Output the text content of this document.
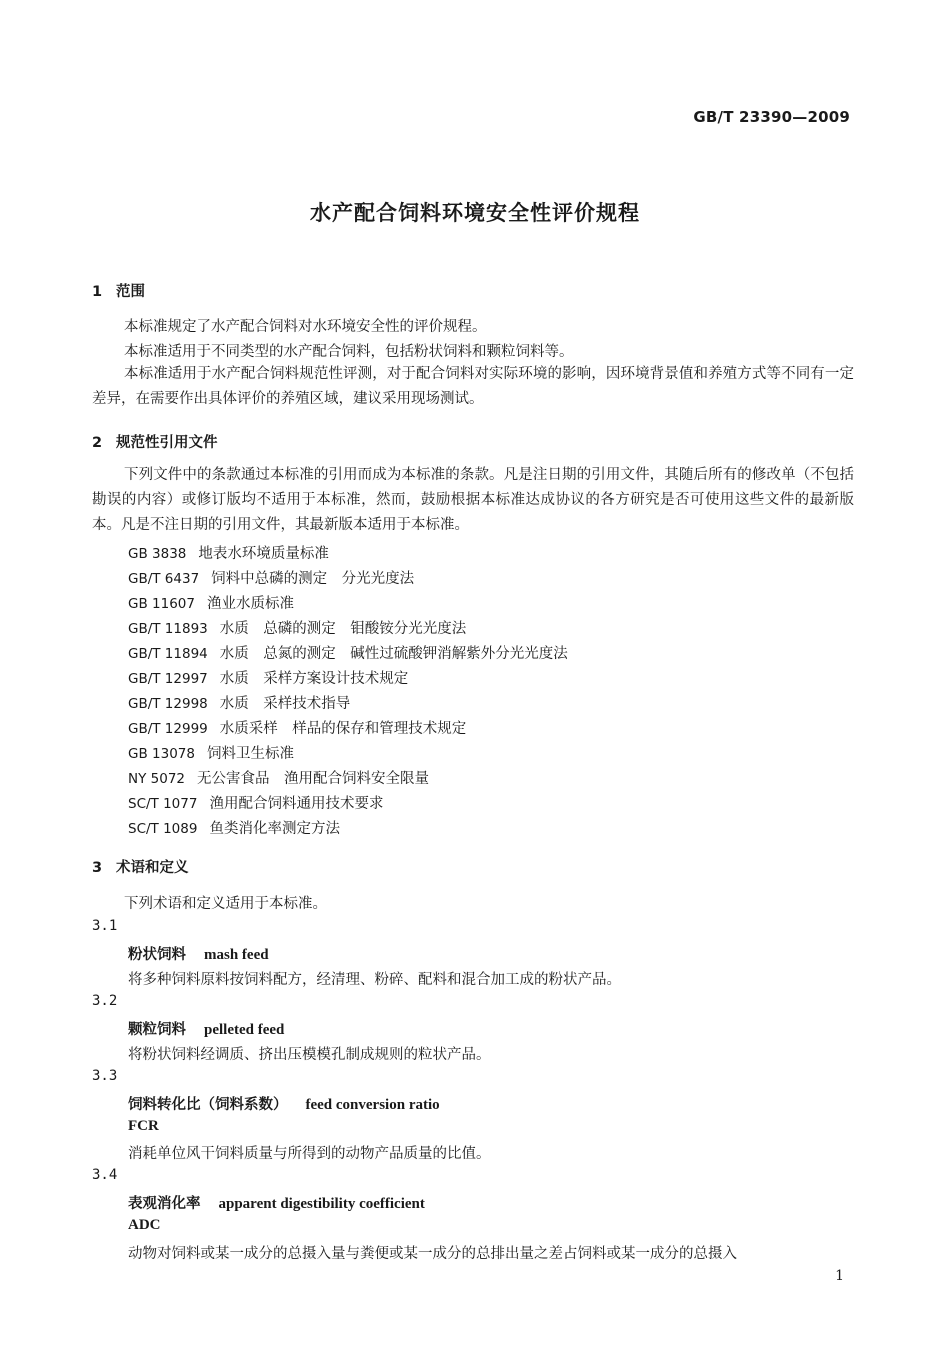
GB/T 23390—2009
水产配合饲料环境安全性评价规程
1 范围
本标准规定了水产配合饲料对水环境安全性的评价规程。
本标准适用于不同类型的水产配合饲料，包括粉状饲料和颗粒饲料等。
本标准适用于水产配合饲料规范性评测，对于配合饲料对实际环境的影响，因环境背景值和养殖方式等不同有一定差异，在需要作出具体评价的养殖区域，建议采用现场测试。
2 规范性引用文件
下列文件中的条款通过本标准的引用而成为本标准的条款。凡是注日期的引用文件，其随后所有的修改单（不包括勘误的内容）或修订版均不适用于本标准，然而，鼓励根据本标准达成协议的各方研究是否可使用这些文件的最新版本。凡是不注日期的引用文件，其最新版本适用于本标准。
GB 3838 地表水环境质量标准
GB/T 6437 饲料中总磷的测定　分光光度法
GB 11607 渔业水质标准
GB/T 11893 水质　总磷的测定　钼酸铵分光光度法
GB/T 11894 水质　总氮的测定　碱性过硫酸钾消解紫外分光光度法
GB/T 12997 水质　采样方案设计技术规定
GB/T 12998 水质　采样技术指导
GB/T 12999 水质采样　样品的保存和管理技术规定
GB 13078 饲料卫生标准
NY 5072 无公害食品　渔用配合饲料安全限量
SC/T 1077 渔用配合饲料通用技术要求
SC/T 1089 鱼类消化率测定方法
3 术语和定义
下列术语和定义适用于本标准。
3.1
粉状饲料 mash feed
将多种饲料原料按饲料配方，经清理、粉碎、配料和混合加工成的粉状产品。
3.2
颗粒饲料 pelleted feed
将粉状饲料经调质、挤出压模模孔制成规则的粒状产品。
3.3
饲料转化比（饲料系数） feed conversion ratio
FCR
消耗单位风干饲料质量与所得到的动物产品质量的比值。
3.4
表观消化率 apparent digestibility coefficient
ADC
动物对饲料或某一成分的总摄入量与粪便或某一成分的总排出量之差占饲料或某一成分的总摄入
1
